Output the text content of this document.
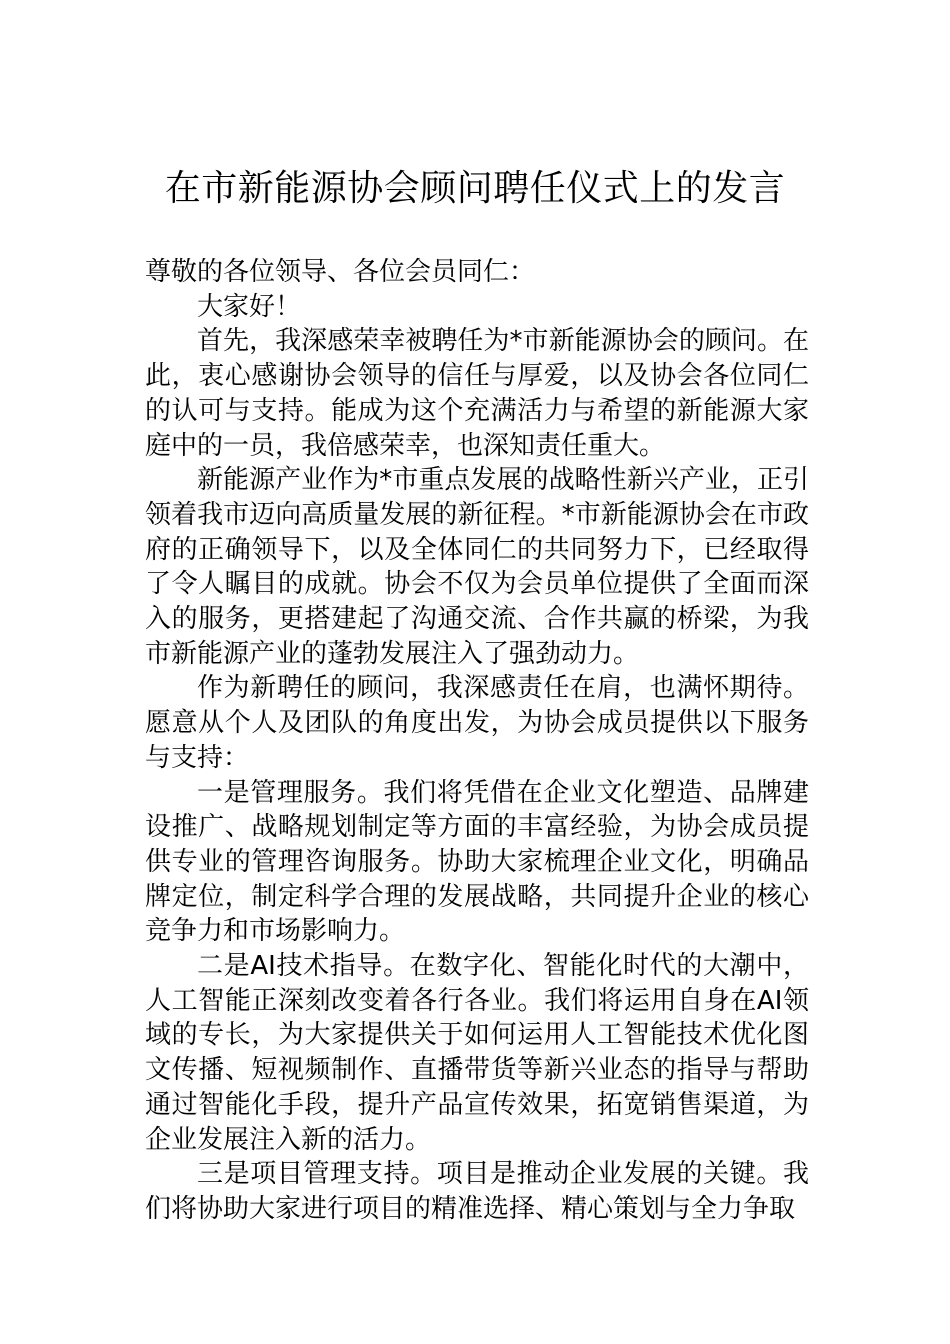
在市新能源协会顾问聘任仪式上的发言

尊敬的各位领导、各位会员同仁：

大家好！

首先，我深感荣幸被聘任为*市新能源协会的顾问。在此，衷心感谢协会领导的信任与厚爱，以及协会各位同仁的认可与支持。能成为这个充满活力与希望的新能源大家庭中的一员，我倍感荣幸，也深知责任重大。

新能源产业作为*市重点发展的战略性新兴产业，正引领着我市迈向高质量发展的新征程。*市新能源协会在市政府的正确领导下，以及全体同仁的共同努力下，已经取得了令人瞩目的成就。协会不仅为会员单位提供了全面而深入的服务，更搭建起了沟通交流、合作共赢的桥梁，为我市新能源产业的蓬勃发展注入了强劲动力。

作为新聘任的顾问，我深感责任在肩，也满怀期待。愿意从个人及团队的角度出发，为协会成员提供以下服务与支持：

一是管理服务。我们将凭借在企业文化塑造、品牌建设推广、战略规划制定等方面的丰富经验，为协会成员提供专业的管理咨询服务。协助大家梳理企业文化，明确品牌定位，制定科学合理的发展战略，共同提升企业的核心竞争力和市场影响力。

二是AI技术指导。在数字化、智能化时代的大潮中，人工智能正深刻改变着各行各业。我们将运用自身在AI领域的专长，为大家提供关于如何运用人工智能技术优化图文传播、短视频制作、直播带货等新兴业态的指导与帮助通过智能化手段，提升产品宣传效果，拓宽销售渠道，为企业发展注入新的活力。

三是项目管理支持。项目是推动企业发展的关键。我们将协助大家进行项目的精准选择、精心策划与全力争取
